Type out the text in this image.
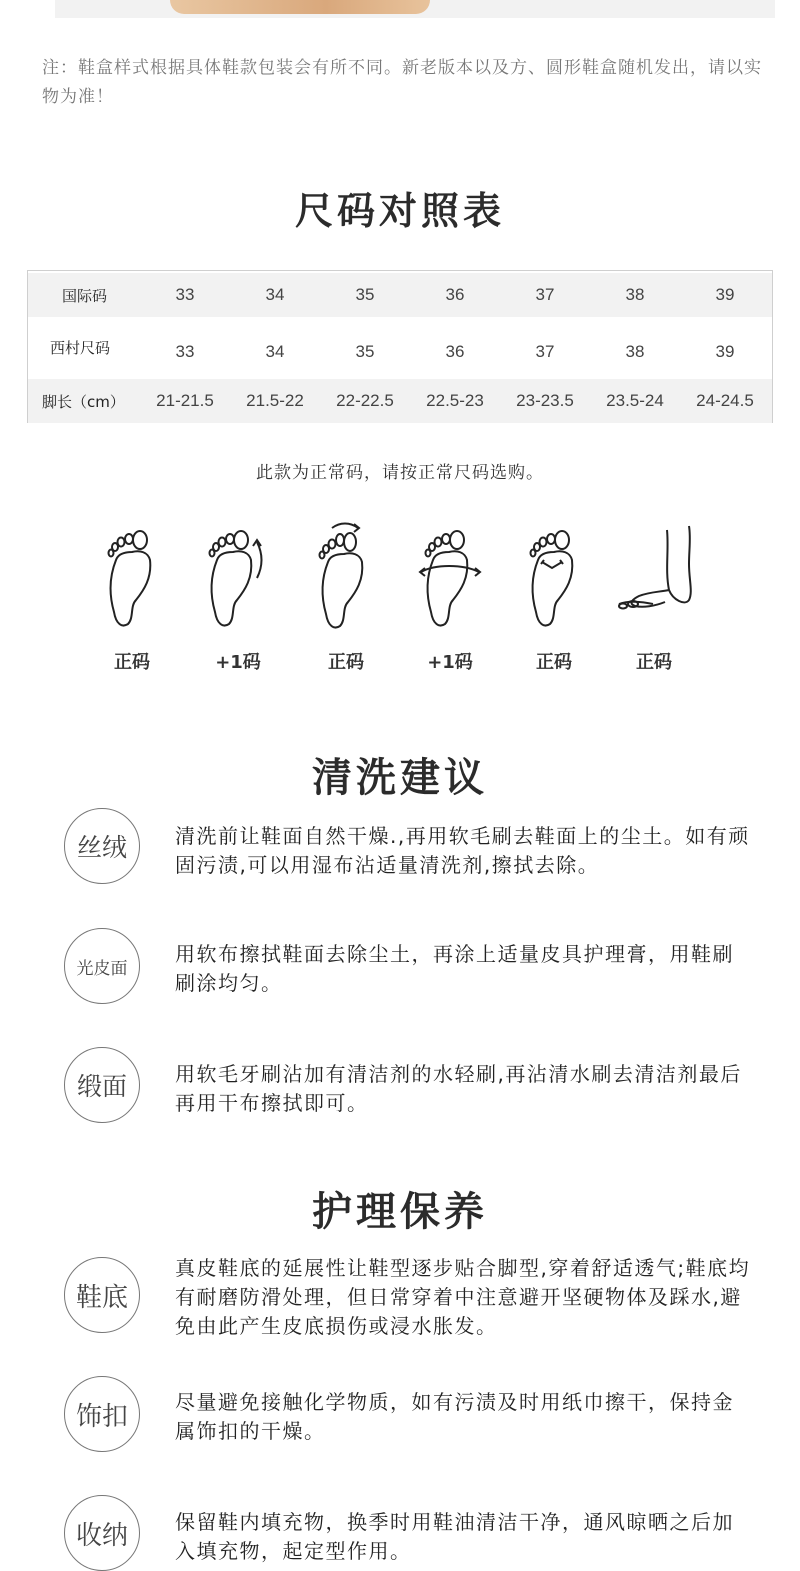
注：鞋盒样式根据具体鞋款包装会有所不同。新老版本以及方、圆形鞋盒随机发出，请以实物为准！

尺码对照表
国际码	33	34	35	36	37	38	39
西村尺码	33	34	35	36	37	38	39
脚长（cm）	21-21.5	21.5-22	22-22.5	22.5-23	23-23.5	23.5-24	24-24.5

此款为正常码，请按正常尺码选购。

正码	+1码	正码	+1码	正码	正码
清洗建议
丝绒	清洗前让鞋面自然干燥.,再用软毛刷去鞋面上的尘土。如有顽固污渍,可以用湿布沾适量清洗剂,擦拭去除。

光皮面

用软布擦拭鞋面去除尘土，再涂上适量皮具护理膏，用鞋刷刷涂均匀。

缎面	用软毛牙刷沾加有清洁剂的水轻刷,再沾清水刷去清洁剂最后再用干布擦拭即可。

护理保养
鞋底

真皮鞋底的延展性让鞋型逐步贴合脚型,穿着舒适透气;鞋底均有耐磨防滑处理，但日常穿着中注意避开坚硬物体及踩水,避免由此产生皮底损伤或浸水胀发。

饰扣	尽量避免接触化学物质，如有污渍及时用纸巾擦干，保持金属饰扣的干燥。

收纳	保留鞋内填充物，换季时用鞋油清洁干净，通风晾晒之后加入填充物，起定型作用。
